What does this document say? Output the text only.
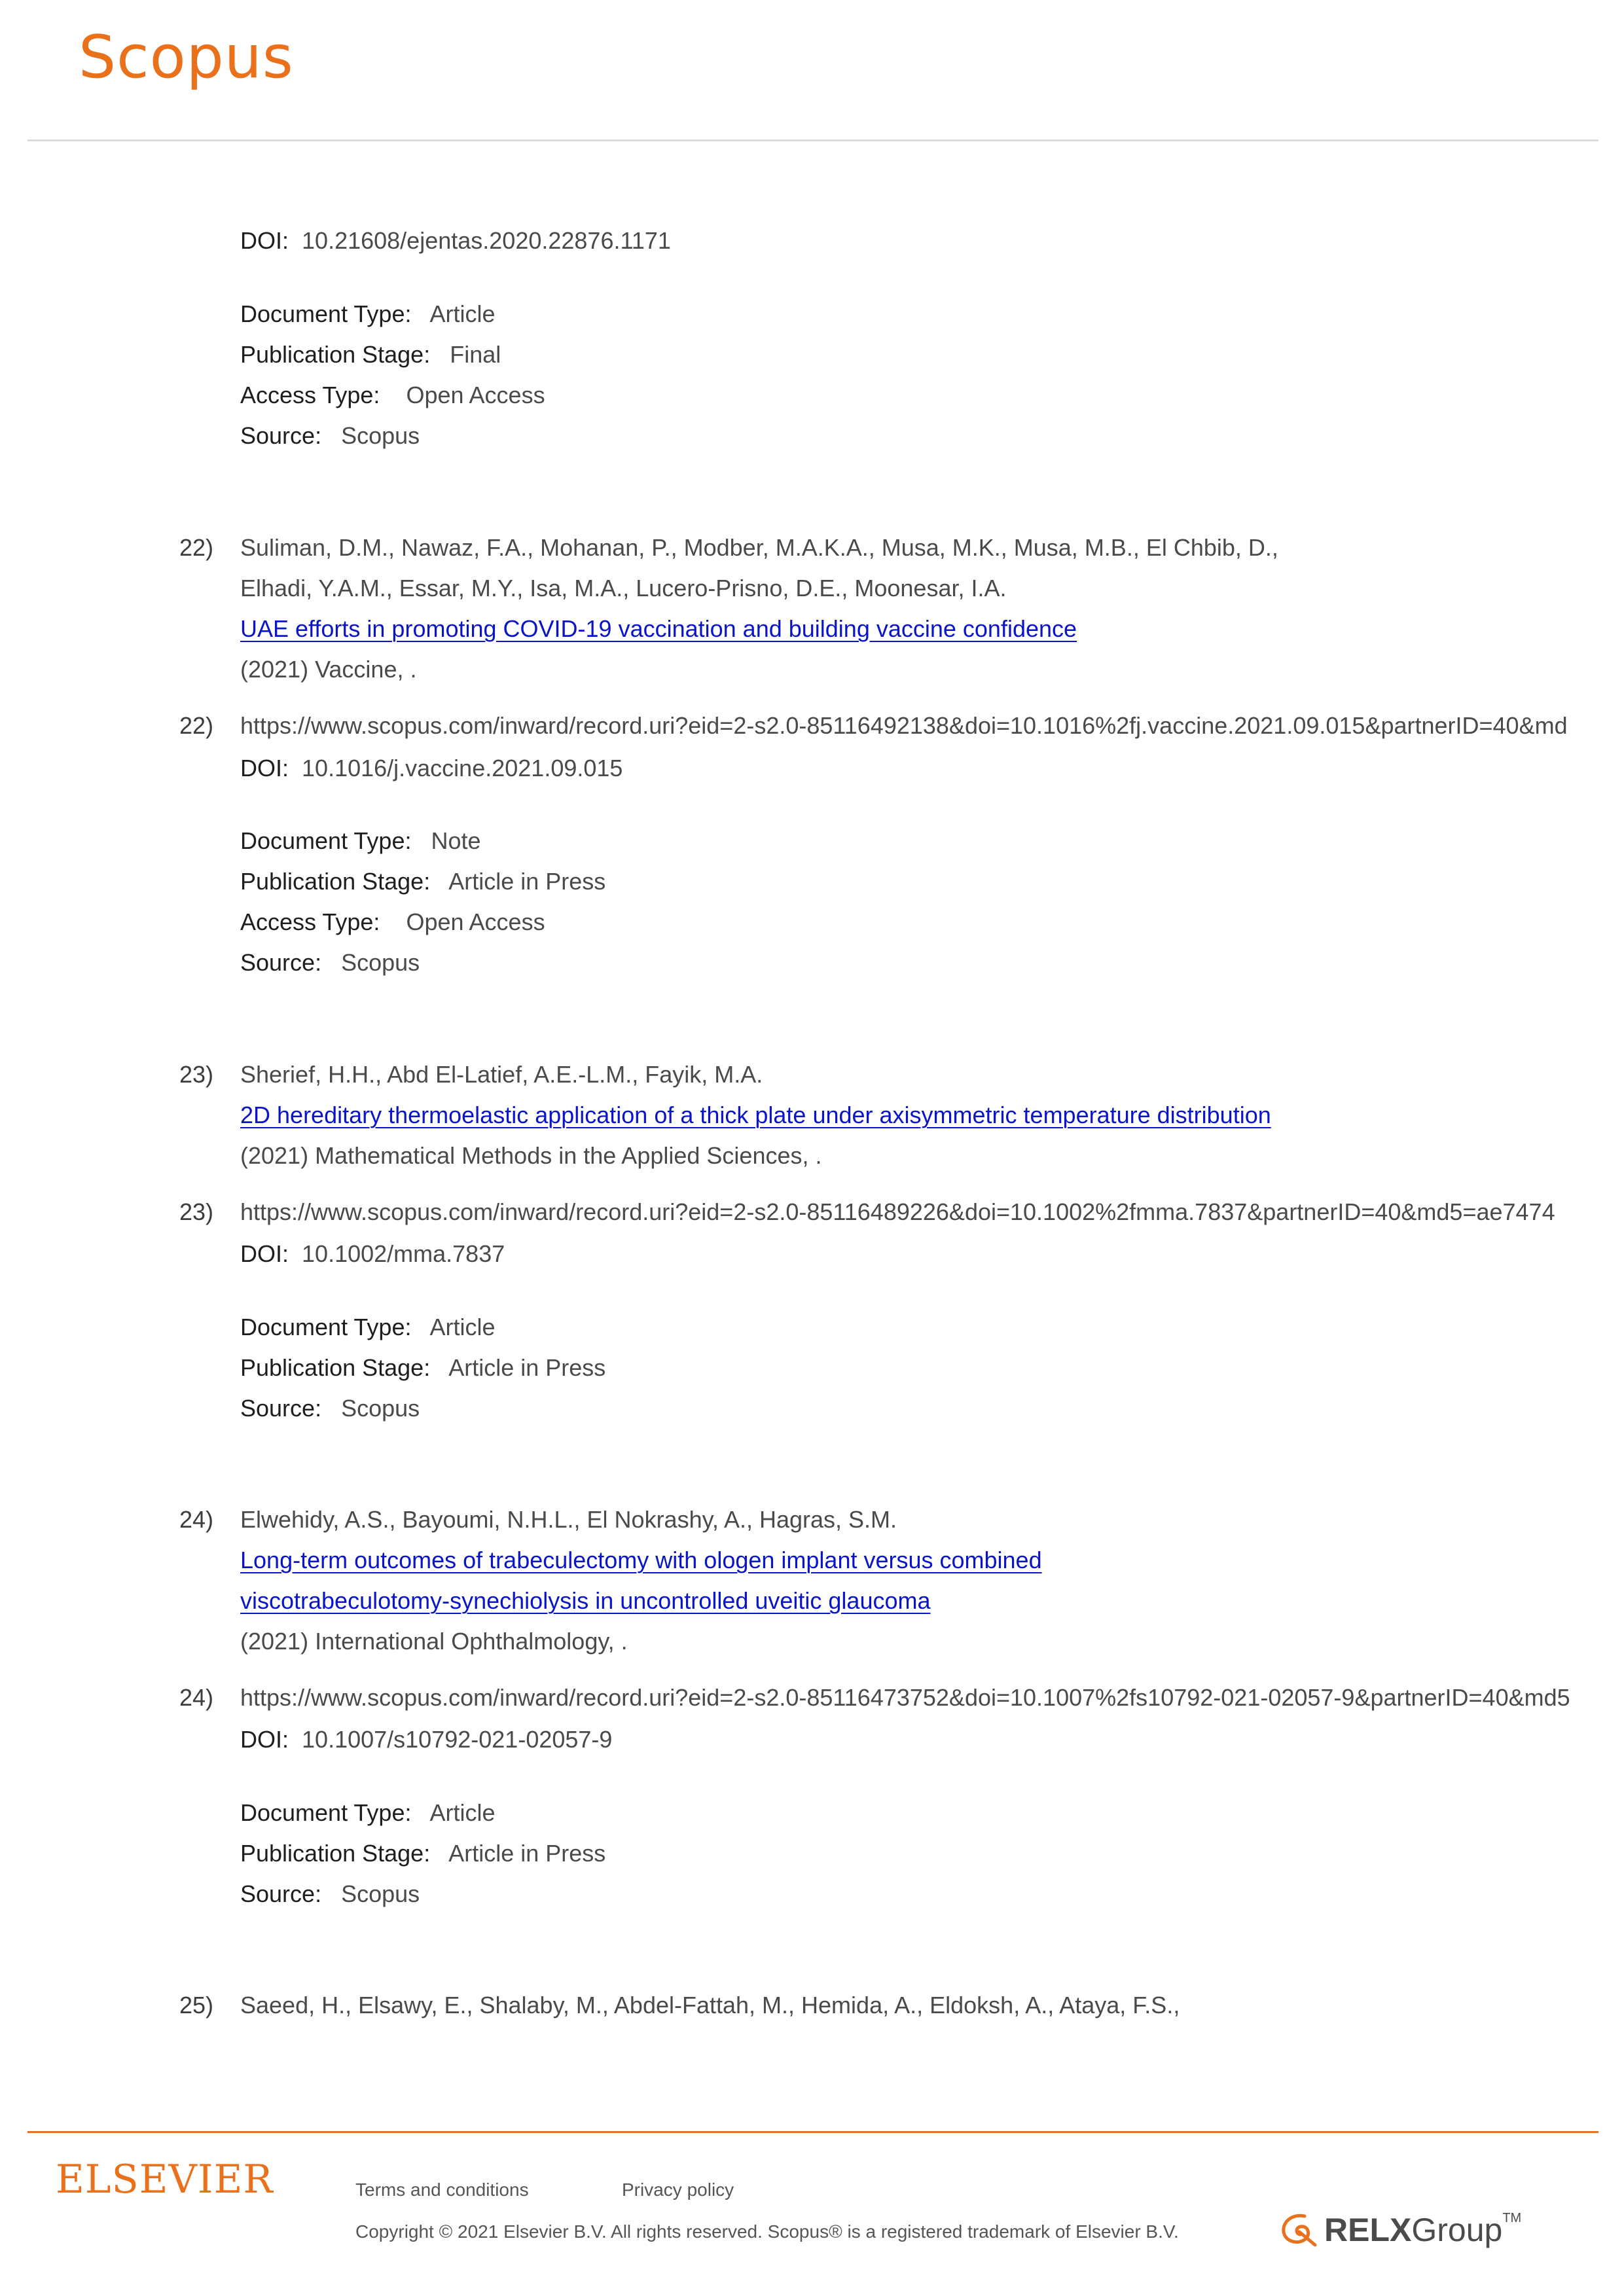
Scopus
DOI: 10.21608/ejentas.2020.22876.1171
Document Type: Article
Publication Stage: Final
Access Type: Open Access
Source: Scopus
22) Suliman, D.M., Nawaz, F.A., Mohanan, P., Modber, M.A.K.A., Musa, M.K., Musa, M.B., El Chbib, D.,
Elhadi, Y.A.M., Essar, M.Y., Isa, M.A., Lucero-Prisno, D.E., Moonesar, I.A.
UAE efforts in promoting COVID-19 vaccination and building vaccine confidence
(2021) Vaccine, .
22) https://www.scopus.com/inward/record.uri?eid=2-s2.0-85116492138&doi=10.1016%2fj.vaccine.2021.09.015&partnerID=40&md
DOI: 10.1016/j.vaccine.2021.09.015
Document Type: Note
Publication Stage: Article in Press
Access Type: Open Access
Source: Scopus
23) Sherief, H.H., Abd El-Latief, A.E.-L.M., Fayik, M.A.
2D hereditary thermoelastic application of a thick plate under axisymmetric temperature distribution
(2021) Mathematical Methods in the Applied Sciences, .
23) https://www.scopus.com/inward/record.uri?eid=2-s2.0-85116489226&doi=10.1002%2fmma.7837&partnerID=40&md5=ae7474
DOI: 10.1002/mma.7837
Document Type: Article
Publication Stage: Article in Press
Source: Scopus
24) Elwehidy, A.S., Bayoumi, N.H.L., El Nokrashy, A., Hagras, S.M.
Long-term outcomes of trabeculectomy with ologen implant versus combined
viscotrabeculotomy-synechiolysis in uncontrolled uveitic glaucoma
(2021) International Ophthalmology, .
24) https://www.scopus.com/inward/record.uri?eid=2-s2.0-85116473752&doi=10.1007%2fs10792-021-02057-9&partnerID=40&md5
DOI: 10.1007/s10792-021-02057-9
Document Type: Article
Publication Stage: Article in Press
Source: Scopus
25) Saeed, H., Elsawy, E., Shalaby, M., Abdel-Fattah, M., Hemida, A., Eldoksh, A., Ataya, F.S.,
ELSEVIER	Terms and conditions	Privacy policy
Copyright © 2021 Elsevier B.V. All rights reserved. Scopus® is a registered trademark of Elsevier B.V.	RELX Group TM
